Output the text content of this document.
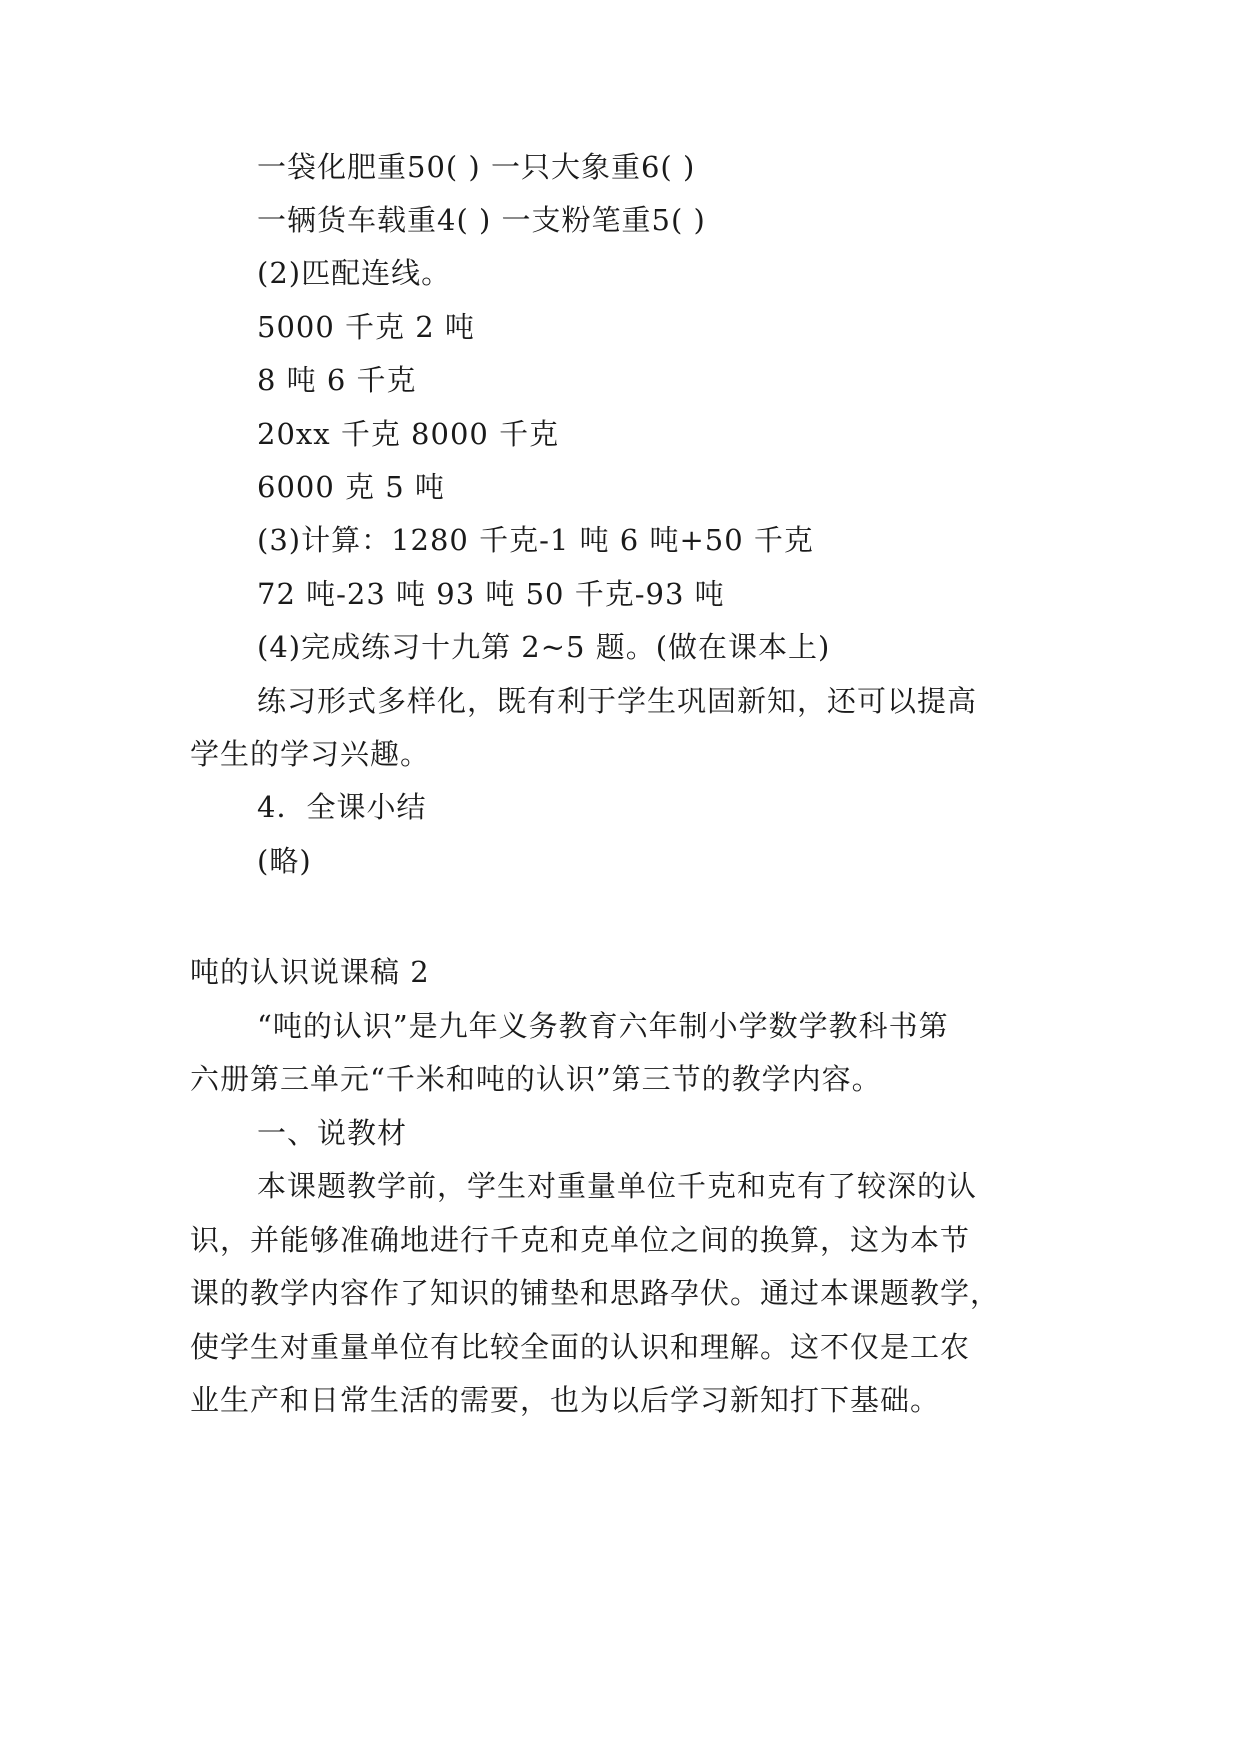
一袋化肥重50( ) 一只大象重6( )
一辆货车载重4( ) 一支粉笔重5( )
(2)匹配连线。
5000 千克 2 吨
8 吨 6 千克
20xx 千克 8000 千克
6000 克 5 吨
(3)计算：1280 千克-1 吨 6 吨+50 千克
72 吨-23 吨 93 吨 50 千克-93 吨
(4)完成练习十九第 2~5 题。(做在课本上)
练习形式多样化，既有利于学生巩固新知，还可以提高
学生的学习兴趣。
4．全课小结
(略)
吨的认识说课稿 2
“吨的认识”是九年义务教育六年制小学数学教科书第
六册第三单元“千米和吨的认识”第三节的教学内容。
一、说教材
本课题教学前，学生对重量单位千克和克有了较深的认
识，并能够准确地进行千克和克单位之间的换算，这为本节
课的教学内容作了知识的铺垫和思路孕伏。通过本课题教学，
使学生对重量单位有比较全面的认识和理解。这不仅是工农
业生产和日常生活的需要，也为以后学习新知打下基础。
